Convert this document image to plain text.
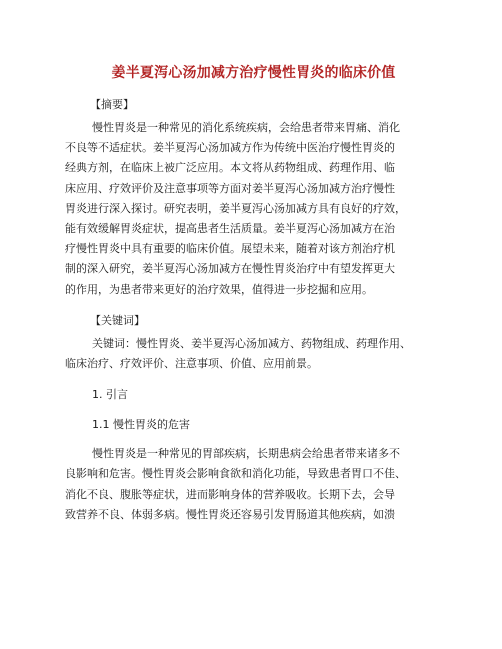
姜半夏泻心汤加减方治疗慢性胃炎的临床价值

【摘要】

慢性胃炎是一种常见的消化系统疾病，会给患者带来胃痛、消化
不良等不适症状。姜半夏泻心汤加减方作为传统中医治疗慢性胃炎的
经典方剂，在临床上被广泛应用。本文将从药物组成、药理作用、临
床应用、疗效评价及注意事项等方面对姜半夏泻心汤加减方治疗慢性
胃炎进行深入探讨。研究表明，姜半夏泻心汤加减方具有良好的疗效，
能有效缓解胃炎症状，提高患者生活质量。姜半夏泻心汤加减方在治
疗慢性胃炎中具有重要的临床价值。展望未来，随着对该方剂治疗机
制的深入研究，姜半夏泻心汤加减方在慢性胃炎治疗中有望发挥更大
的作用，为患者带来更好的治疗效果，值得进一步挖掘和应用。

【关键词】

关键词：慢性胃炎、姜半夏泻心汤加减方、药物组成、药理作用、
临床治疗、疗效评价、注意事项、价值、应用前景。

1. 引言

1.1 慢性胃炎的危害

慢性胃炎是一种常见的胃部疾病，长期患病会给患者带来诸多不
良影响和危害。慢性胃炎会影响食欲和消化功能，导致患者胃口不佳、
消化不良、腹胀等症状，进而影响身体的营养吸收。长期下去，会导
致营养不良、体弱多病。慢性胃炎还容易引发胃肠道其他疾病，如溃
